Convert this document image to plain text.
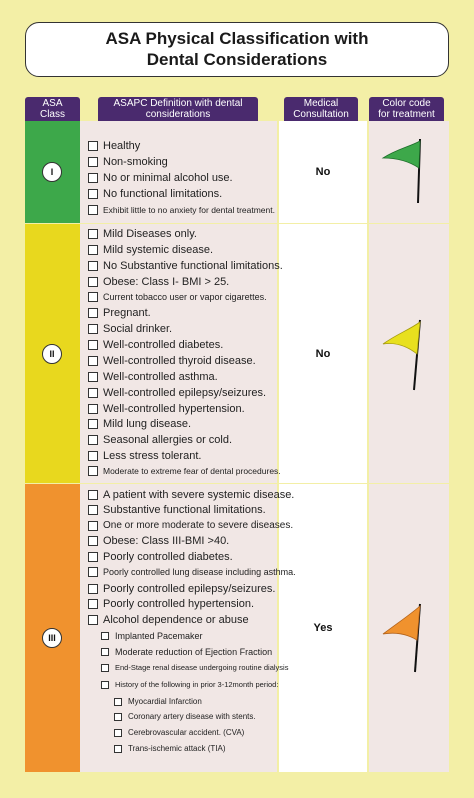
ASA Physical Classification with
Dental Considerations
ASA
Class
ASAPC Definition with dental
considerations
Medical
Consultation
Color code
for treatment
No
No
Yes
I
II
III
Healthy
Non-smoking
No or minimal alcohol use.
No functional limitations.
Exhibit little to no anxiety for dental treatment.
Mild Diseases only.
Mild systemic disease.
No Substantive functional limitations.
Obese: Class I- BMI > 25.
Current tobacco user or vapor cigarettes.
Pregnant.
Social drinker.
Well-controlled diabetes.
Well-controlled thyroid disease.
Well-controlled asthma.
Well-controlled epilepsy/seizures.
Well-controlled hypertension.
Mild lung disease.
Seasonal allergies or cold.
Less stress tolerant.
Moderate to extreme fear of dental procedures.
A patient with severe systemic disease.
Substantive functional limitations.
One or more moderate to severe diseases.
Obese: Class III-BMI >40.
Poorly controlled diabetes.
Poorly controlled lung disease including asthma.
Poorly controlled epilepsy/seizures.
Poorly controlled hypertension.
Alcohol dependence or abuse
Implanted Pacemaker
Moderate reduction of Ejection Fraction
End-Stage renal disease undergoing routine dialysis
History of the following in prior 3-12month period:
Myocardial Infarction
Coronary artery disease with stents.
Cerebrovascular accident. (CVA)
Trans-ischemic attack (TIA)
